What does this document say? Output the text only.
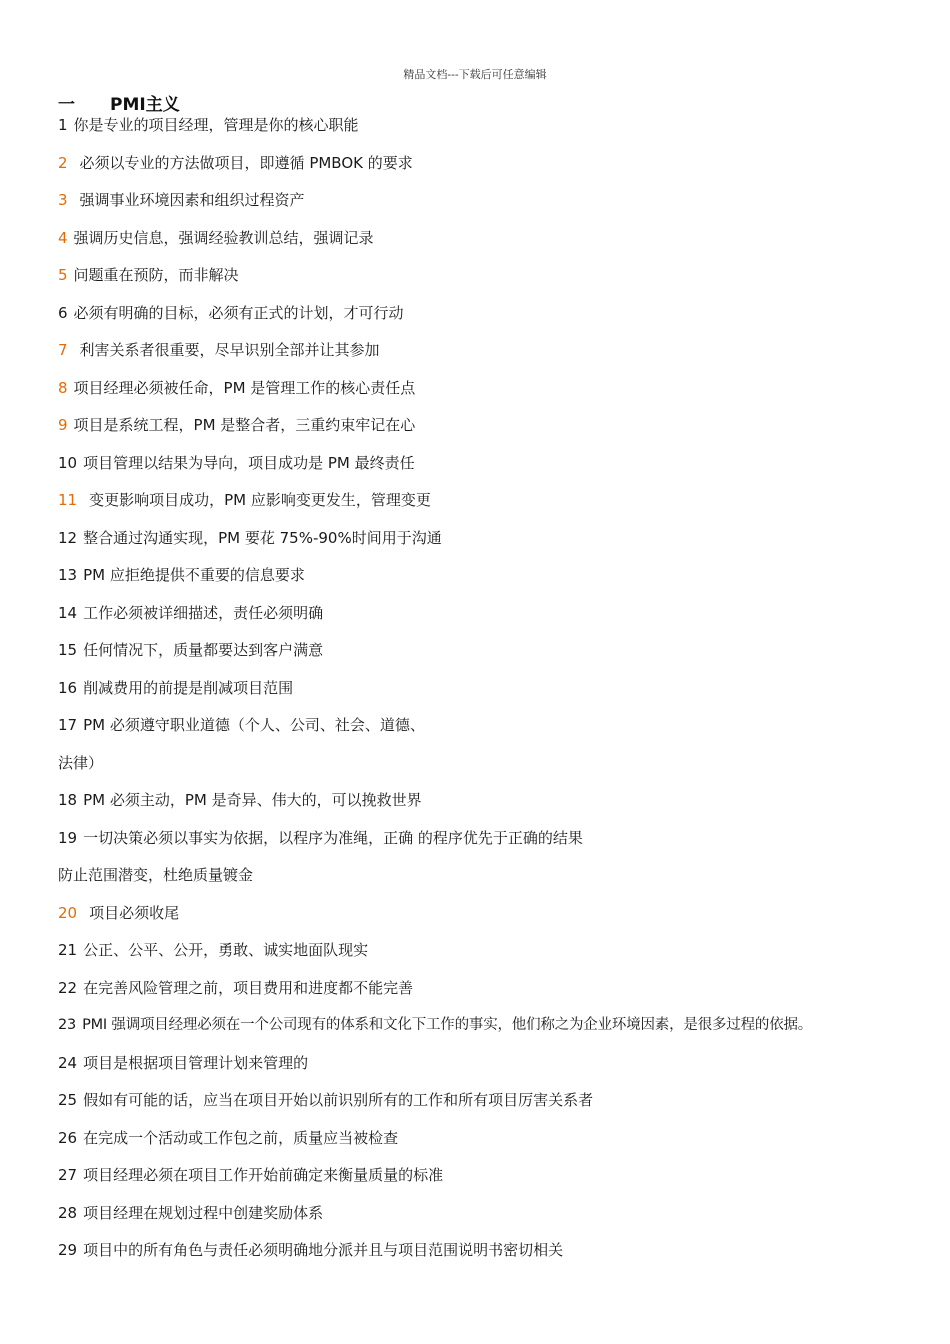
精品文档---下载后可任意编辑
一 PMI主义
1 你是专业的项目经理，管理是你的核心职能
2 必须以专业的方法做项目，即遵循 PMBOK 的要求
3 强调事业环境因素和组织过程资产
4 强调历史信息，强调经验教训总结，强调记录
5 问题重在预防，而非解决
6 必须有明确的目标，必须有正式的计划，才可行动
7 利害关系者很重要，尽早识别全部并让其参加
8 项目经理必须被任命，PM 是管理工作的核心责任点
9 项目是系统工程，PM 是整合者，三重约束牢记在心
10 项目管理以结果为导向，项目成功是 PM 最终责任
11 变更影响项目成功，PM 应影响变更发生，管理变更
12 整合通过沟通实现，PM 要花 75%-90%时间用于沟通
13 PM 应拒绝提供不重要的信息要求
14 工作必须被详细描述，责任必须明确
15 任何情况下，质量都要达到客户满意
16 削减费用的前提是削减项目范围
17 PM 必须遵守职业道德（个人、公司、社会、道德、
法律）
18 PM 必须主动，PM 是奇异、伟大的，可以挽救世界
19 一切决策必须以事实为依据，以程序为准绳，正确 的程序优先于正确的结果
防止范围潜变，杜绝质量镀金
20 项目必须收尾
21 公正、公平、公开，勇敢、诚实地面队现实
22 在完善风险管理之前，项目费用和进度都不能完善
23 PMI 强调项目经理必须在一个公司现有的体系和文化下工作的事实，他们称之为企业环境因素，是很多过程的依据。
24 项目是根据项目管理计划来管理的
25 假如有可能的话，应当在项目开始以前识别所有的工作和所有项目厉害关系者
26 在完成一个活动或工作包之前，质量应当被检查
27 项目经理必须在项目工作开始前确定来衡量质量的标准
28 项目经理在规划过程中创建奖励体系
29 项目中的所有角色与责任必须明确地分派并且与项目范围说明书密切相关
